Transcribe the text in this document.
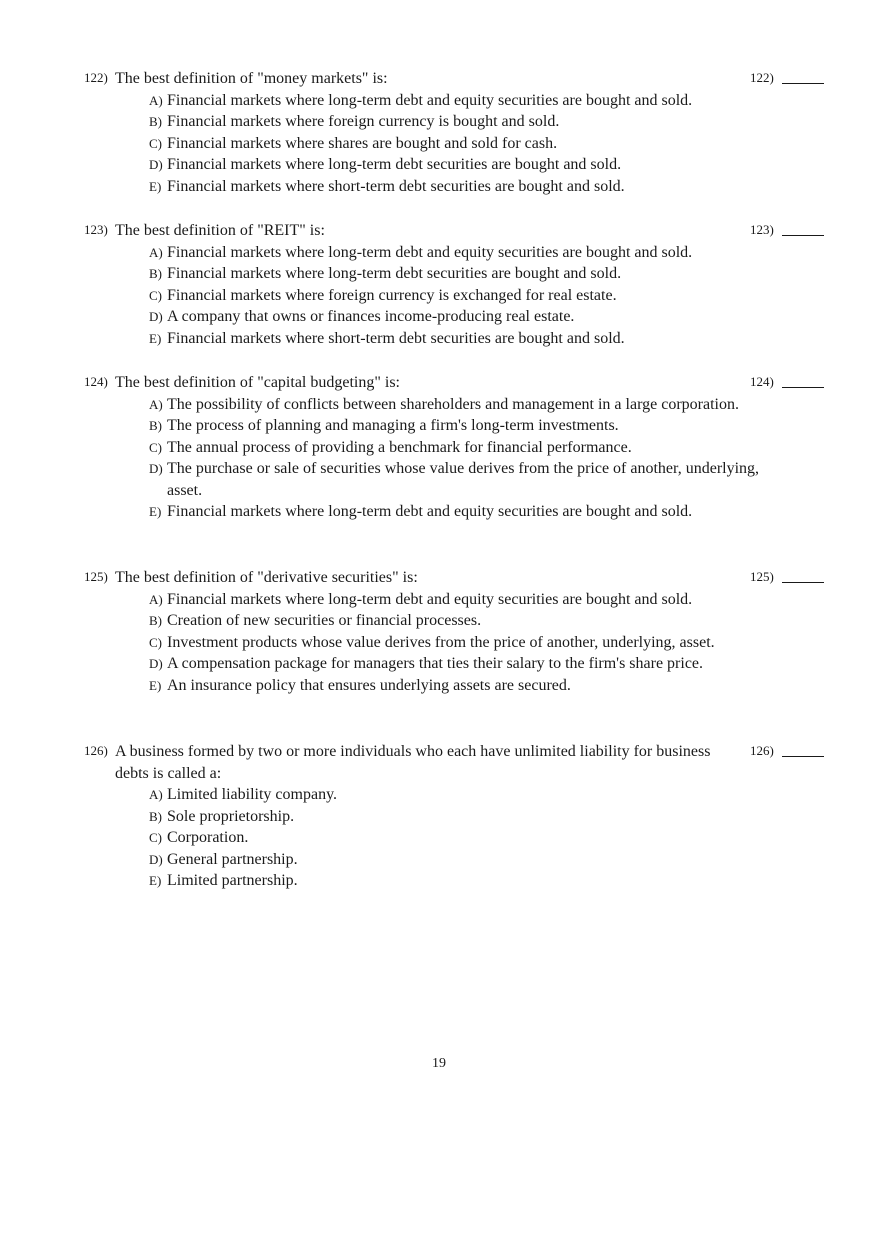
122) The best definition of "money markets" is:	122)
A) Financial markets where long-term debt and equity securities are bought and sold.
B) Financial markets where foreign currency is bought and sold.
C) Financial markets where shares are bought and sold for cash.
D) Financial markets where long-term debt securities are bought and sold.
E) Financial markets where short-term debt securities are bought and sold.
123) The best definition of "REIT" is:	123)
A) Financial markets where long-term debt and equity securities are bought and sold.
B) Financial markets where long-term debt securities are bought and sold.
C) Financial markets where foreign currency is exchanged for real estate.
D) A company that owns or finances income-producing real estate.
E) Financial markets where short-term debt securities are bought and sold.
124) The best definition of "capital budgeting" is:	124)
A) The possibility of conflicts between shareholders and management in a large corporation.
B) The process of planning and managing a firm's long-term investments.
C) The annual process of providing a benchmark for financial performance.
D) The purchase or sale of securities whose value derives from the price of another, underlying, asset.
E) Financial markets where long-term debt and equity securities are bought and sold.
125) The best definition of "derivative securities" is:	125)
A) Financial markets where long-term debt and equity securities are bought and sold.
B) Creation of new securities or financial processes.
C) Investment products whose value derives from the price of another, underlying, asset.
D) A compensation package for managers that ties their salary to the firm's share price.
E) An insurance policy that ensures underlying assets are secured.
126) A business formed by two or more individuals who each have unlimited liability for business debts is called a:
126)
A) Limited liability company.
B) Sole proprietorship.
C) Corporation.
D) General partnership.
E) Limited partnership.
19
